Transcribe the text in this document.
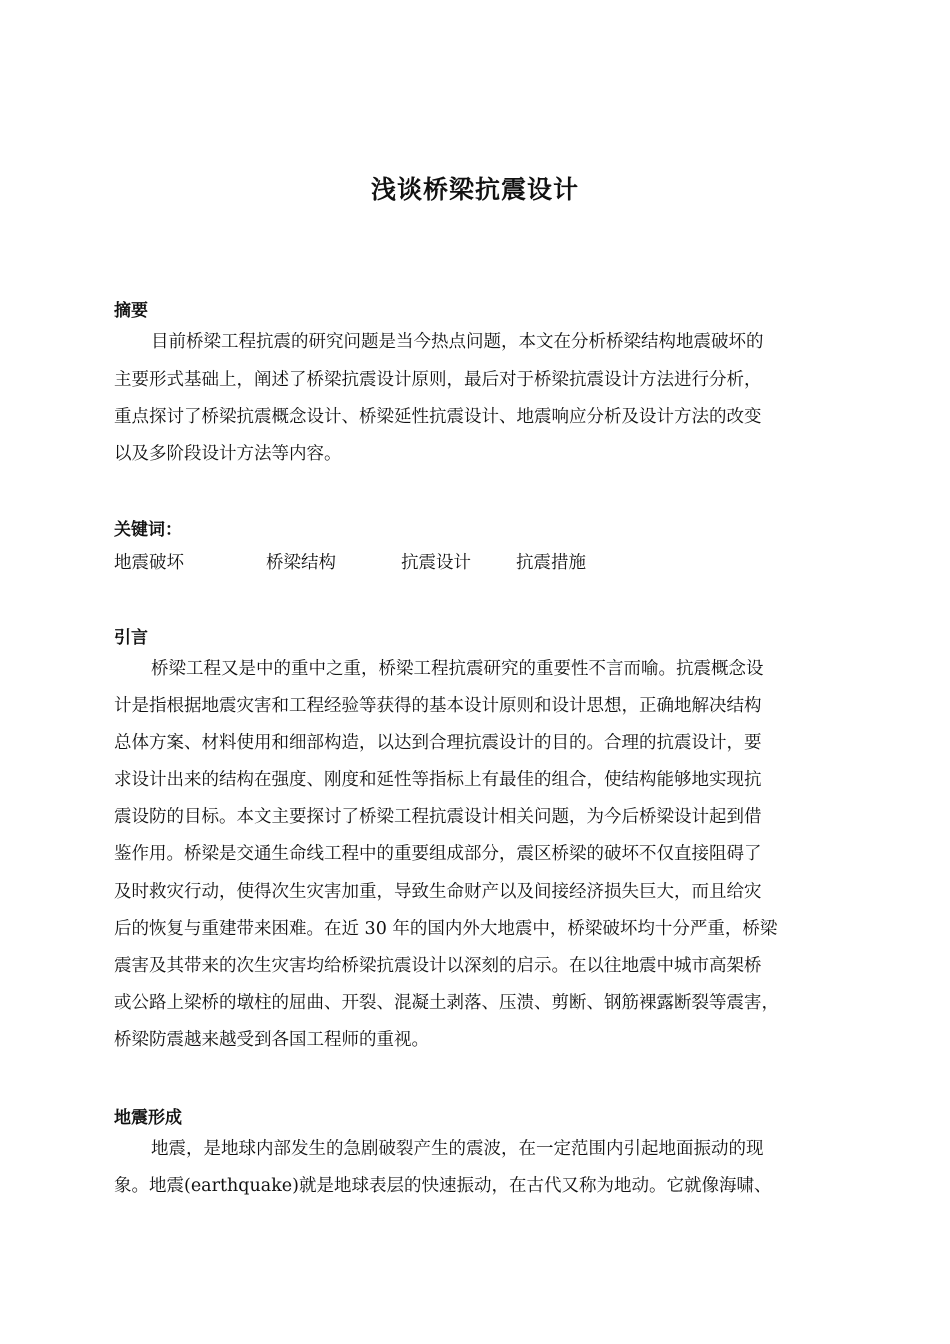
浅谈桥梁抗震设计
摘要
目前桥梁工程抗震的研究问题是当今热点问题，本文在分析桥梁结构地震破坏的
主要形式基础上，阐述了桥梁抗震设计原则，最后对于桥梁抗震设计方法进行分析，
重点探讨了桥梁抗震概念设计、桥梁延性抗震设计、地震响应分析及设计方法的改变
以及多阶段设计方法等内容。
关键词：
地震破坏	桥梁结构	抗震设计	抗震措施
引言
桥梁工程又是中的重中之重，桥梁工程抗震研究的重要性不言而喻。抗震概念设
计是指根据地震灾害和工程经验等获得的基本设计原则和设计思想，正确地解决结构
总体方案、材料使用和细部构造，以达到合理抗震设计的目的。合理的抗震设计，要
求设计出来的结构在强度、刚度和延性等指标上有最佳的组合，使结构能够地实现抗
震设防的目标。本文主要探讨了桥梁工程抗震设计相关问题，为今后桥梁设计起到借
鉴作用。桥梁是交通生命线工程中的重要组成部分，震区桥梁的破坏不仅直接阻碍了
及时救灾行动，使得次生灾害加重，导致生命财产以及间接经济损失巨大，而且给灾
后的恢复与重建带来困难。在近 30 年的国内外大地震中，桥梁破坏均十分严重，桥梁
震害及其带来的次生灾害均给桥梁抗震设计以深刻的启示。在以往地震中城市高架桥
或公路上梁桥的墩柱的屈曲、开裂、混凝土剥落、压溃、剪断、钢筋裸露断裂等震害，
桥梁防震越来越受到各国工程师的重视。
地震形成
地震，是地球内部发生的急剧破裂产生的震波，在一定范围内引起地面振动的现
象。地震(earthquake)就是地球表层的快速振动，在古代又称为地动。它就像海啸、
